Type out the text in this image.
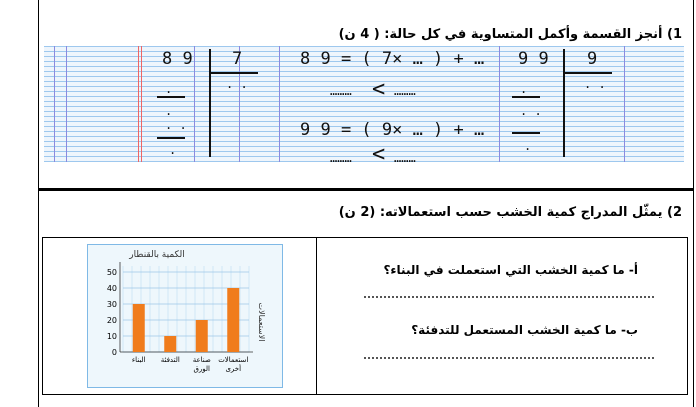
1) أنجز القسمة وأكمل المتساوية في كل حالة: ( 4 ن)
8 9 7
. .
.
.
. .
.
8 9 = ( 7× … ) + …
……… < ………
9 9 = ( 9× … ) + …
……… < ………
9 9 9
. .
.
. .
.
2) يمثّل المدراج كمية الخشب حسب استعمالاته: (2 ن)
أ- ما كمية الخشب التي استعملت في البناء؟
ب- ما كمية الخشب المستعمل للتدفئة؟
الكمية بالقنطار
الاستعمالات
0
10
20
30
40
50
البناء التدفئة صناعة
الورق
استعمالات
أخرى
